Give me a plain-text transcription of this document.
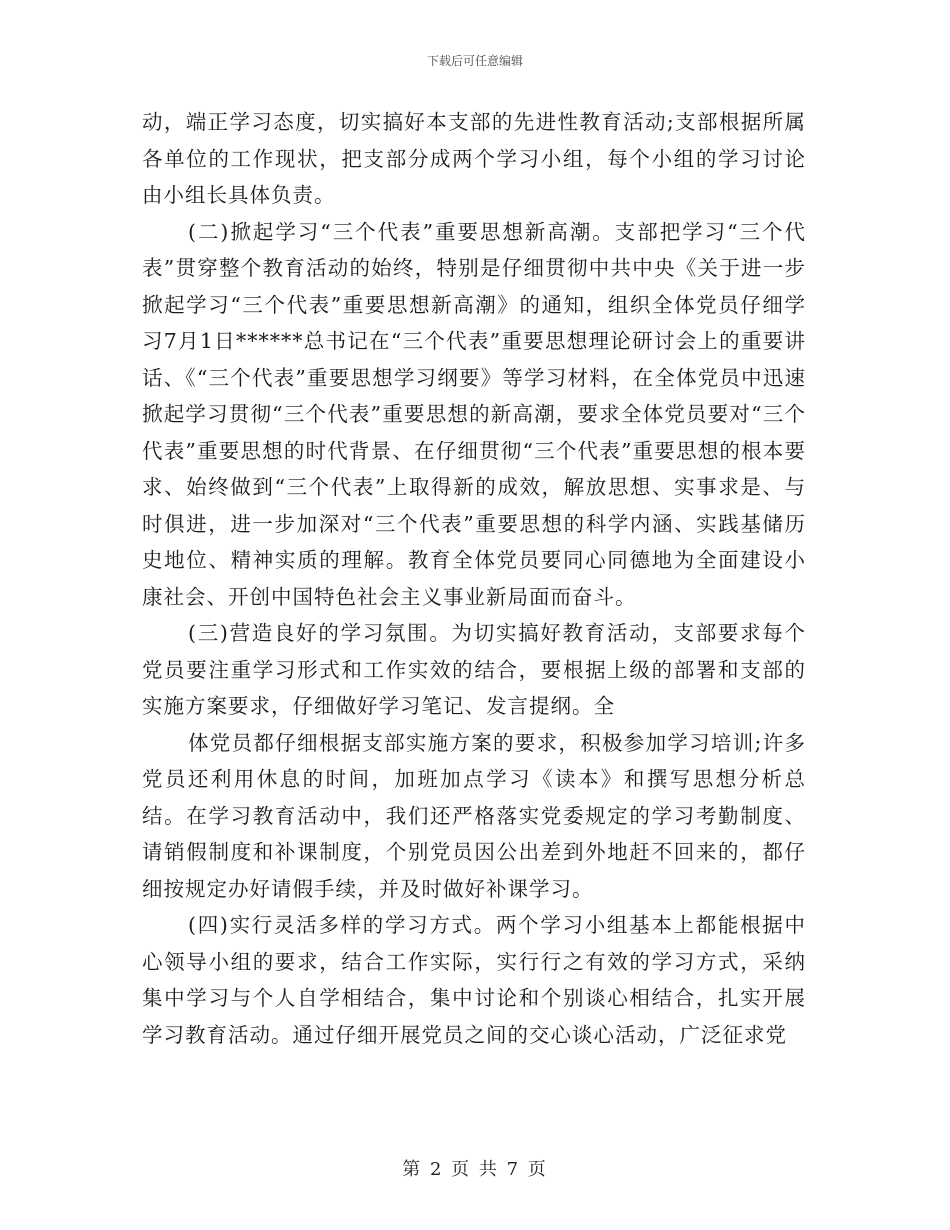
下载后可任意编辑

动，端正学习态度，切实搞好本支部的先进性教育活动;支部根据所属各单位的工作现状，把支部分成两个学习小组，每个小组的学习讨论由小组长具体负责。

(二)掀起学习“三个代表”重要思想新高潮。支部把学习“三个代表”贯穿整个教育活动的始终，特别是仔细贯彻中共中央《关于进一步掀起学习“三个代表”重要思想新高潮》的通知，组织全体党员仔细学习7月1日******总书记在“三个代表”重要思想理论研讨会上的重要讲话、《“三个代表”重要思想学习纲要》等学习材料，在全体党员中迅速掀起学习贯彻“三个代表”重要思想的新高潮，要求全体党员要对“三个代表”重要思想的时代背景、在仔细贯彻“三个代表”重要思想的根本要求、始终做到“三个代表”上取得新的成效，解放思想、实事求是、与时俱进，进一步加深对“三个代表”重要思想的科学内涵、实践基储历史地位、精神实质的理解。教育全体党员要同心同德地为全面建设小康社会、开创中国特色社会主义事业新局面而奋斗。

(三)营造良好的学习氛围。为切实搞好教育活动，支部要求每个党员要注重学习形式和工作实效的结合，要根据上级的部署和支部的实施方案要求，仔细做好学习笔记、发言提纲。全

体党员都仔细根据支部实施方案的要求，积极参加学习培训;许多党员还利用休息的时间，加班加点学习《读本》和撰写思想分析总结。在学习教育活动中，我们还严格落实党委规定的学习考勤制度、请销假制度和补课制度，个别党员因公出差到外地赶不回来的，都仔细按规定办好请假手续，并及时做好补课学习。

(四)实行灵活多样的学习方式。两个学习小组基本上都能根据中心领导小组的要求，结合工作实际，实行行之有效的学习方式，采纳集中学习与个人自学相结合，集中讨论和个别谈心相结合，扎实开展学习教育活动。通过仔细开展党员之间的交心谈心活动，广泛征求党

第 2 页 共 7 页
